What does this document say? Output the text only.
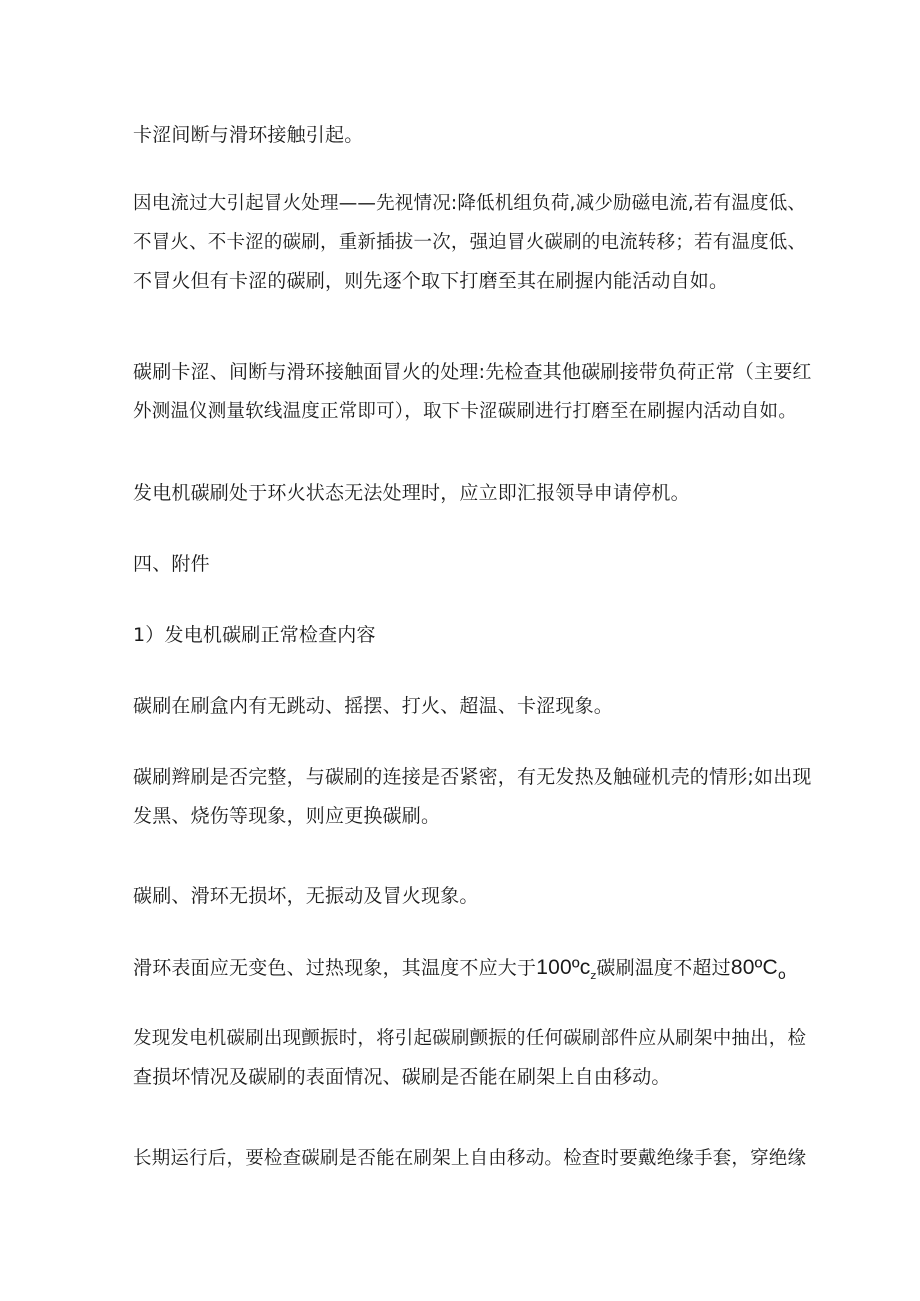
卡涩间断与滑环接触引起。

因电流过大引起冒火处理——先视情况:降低机组负荷,减少励磁电流,若有温度低、
不冒火、不卡涩的碳刷，重新插拔一次，强迫冒火碳刷的电流转移；若有温度低、
不冒火但有卡涩的碳刷，则先逐个取下打磨至其在刷握内能活动自如。

碳刷卡涩、间断与滑环接触面冒火的处理:先检查其他碳刷接带负荷正常（主要红
外测温仪测量软线温度正常即可），取下卡涩碳刷进行打磨至在刷握内活动自如。

发电机碳刷处于环火状态无法处理时，应立即汇报领导申请停机。

四、附件

1）发电机碳刷正常检查内容

碳刷在刷盒内有无跳动、摇摆、打火、超温、卡涩现象。

碳刷辫刷是否完整，与碳刷的连接是否紧密，有无发热及触碰机壳的情形;如出现
发黑、烧伤等现象，则应更换碳刷。

碳刷、滑环无损坏，无振动及冒火现象。

滑环表面应无变色、过热现象，其温度不应大于100ºc$_z$碳刷温度不超过80ºC$_o$

发现发电机碳刷出现颤振时，将引起碳刷颤振的任何碳刷部件应从刷架中抽出，检
查损坏情况及碳刷的表面情况、碳刷是否能在刷架上自由移动。

长期运行后，要检查碳刷是否能在刷架上自由移动。检查时要戴绝缘手套，穿绝缘
